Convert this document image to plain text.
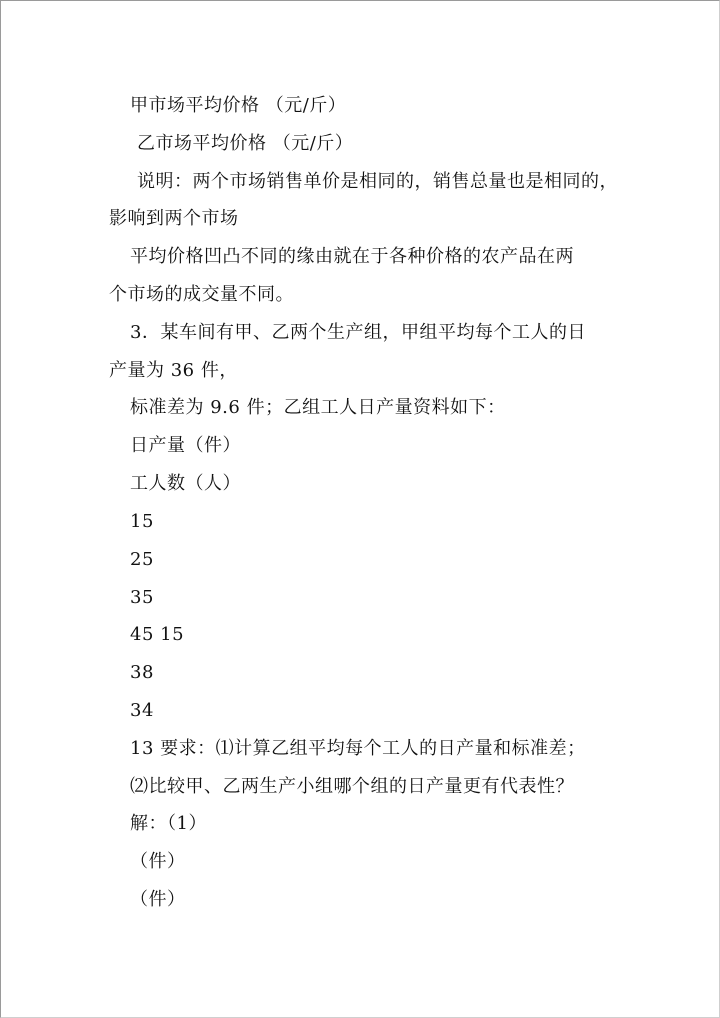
甲市场平均价格 （元/斤）
乙市场平均价格 （元/斤）
说明：两个市场销售单价是相同的，销售总量也是相同的，
影响到两个市场
平均价格凹凸不同的缘由就在于各种价格的农产品在两
个市场的成交量不同。
3．某车间有甲、乙两个生产组，甲组平均每个工人的日
产量为 36 件，
标准差为 9.6 件；乙组工人日产量资料如下：
日产量（件）
工人数（人）
15
25
35
45 15
38
34
13 要求：⑴计算乙组平均每个工人的日产量和标准差；
⑵比较甲、乙两生产小组哪个组的日产量更有代表性？
解：（1）
（件）
（件）
